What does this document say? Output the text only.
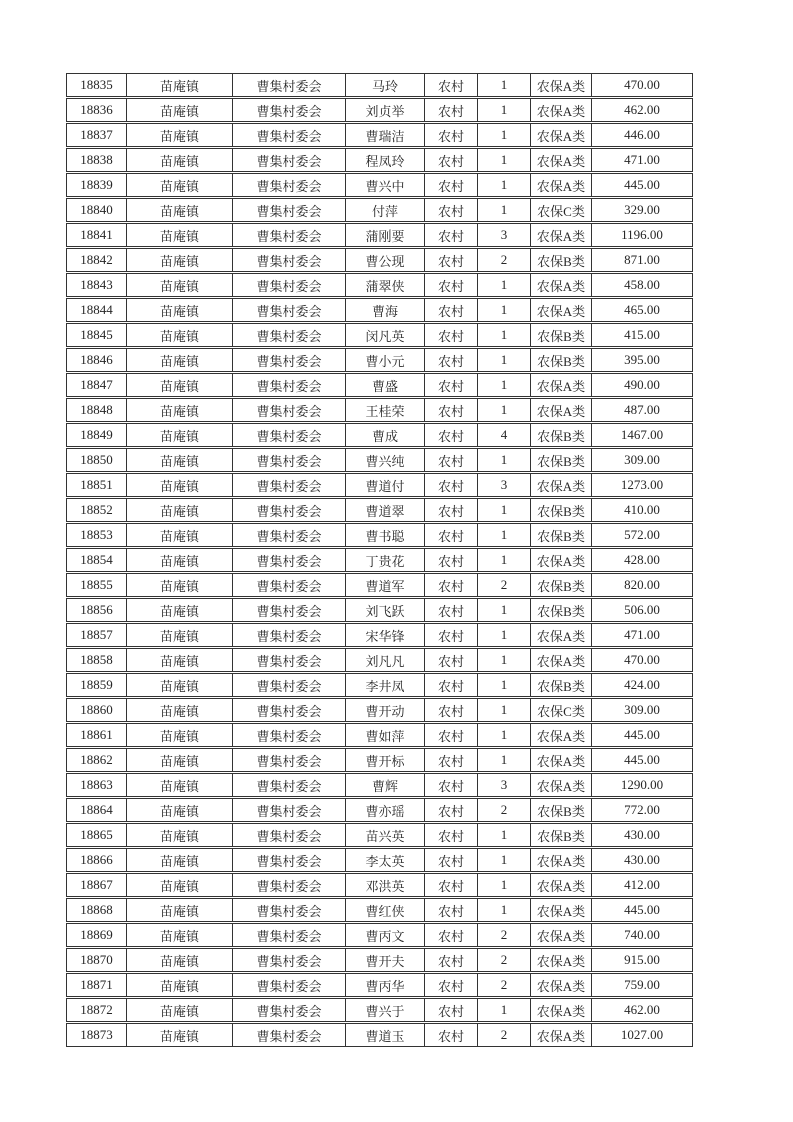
18835	苗庵镇	曹集村委会	马玲	农村	1	农保A类	470.00
18836	苗庵镇	曹集村委会	刘贞举	农村	1	农保A类	462.00
18837	苗庵镇	曹集村委会	曹瑞洁	农村	1	农保A类	446.00
18838	苗庵镇	曹集村委会	程凤玲	农村	1	农保A类	471.00
18839	苗庵镇	曹集村委会	曹兴中	农村	1	农保A类	445.00
18840	苗庵镇	曹集村委会	付萍	农村	1	农保C类	329.00
18841	苗庵镇	曹集村委会	蒲刚要	农村	3	农保A类	1196.00
18842	苗庵镇	曹集村委会	曹公现	农村	2	农保B类	871.00
18843	苗庵镇	曹集村委会	蒲翠侠	农村	1	农保A类	458.00
18844	苗庵镇	曹集村委会	曹海	农村	1	农保A类	465.00
18845	苗庵镇	曹集村委会	闵凡英	农村	1	农保B类	415.00
18846	苗庵镇	曹集村委会	曹小元	农村	1	农保B类	395.00
18847	苗庵镇	曹集村委会	曹盛	农村	1	农保A类	490.00
18848	苗庵镇	曹集村委会	王桂荣	农村	1	农保A类	487.00
18849	苗庵镇	曹集村委会	曹成	农村	4	农保B类	1467.00
18850	苗庵镇	曹集村委会	曹兴纯	农村	1	农保B类	309.00
18851	苗庵镇	曹集村委会	曹道付	农村	3	农保A类	1273.00
18852	苗庵镇	曹集村委会	曹道翠	农村	1	农保B类	410.00
18853	苗庵镇	曹集村委会	曹书聪	农村	1	农保B类	572.00
18854	苗庵镇	曹集村委会	丁贵花	农村	1	农保A类	428.00
18855	苗庵镇	曹集村委会	曹道军	农村	2	农保B类	820.00
18856	苗庵镇	曹集村委会	刘飞跃	农村	1	农保B类	506.00
18857	苗庵镇	曹集村委会	宋华锋	农村	1	农保A类	471.00
18858	苗庵镇	曹集村委会	刘凡凡	农村	1	农保A类	470.00
18859	苗庵镇	曹集村委会	李井凤	农村	1	农保B类	424.00
18860	苗庵镇	曹集村委会	曹开动	农村	1	农保C类	309.00
18861	苗庵镇	曹集村委会	曹如萍	农村	1	农保A类	445.00
18862	苗庵镇	曹集村委会	曹开标	农村	1	农保A类	445.00
18863	苗庵镇	曹集村委会	曹辉	农村	3	农保A类	1290.00
18864	苗庵镇	曹集村委会	曹亦瑶	农村	2	农保B类	772.00
18865	苗庵镇	曹集村委会	苗兴英	农村	1	农保B类	430.00
18866	苗庵镇	曹集村委会	李太英	农村	1	农保A类	430.00
18867	苗庵镇	曹集村委会	邓洪英	农村	1	农保A类	412.00
18868	苗庵镇	曹集村委会	曹红侠	农村	1	农保A类	445.00
18869	苗庵镇	曹集村委会	曹丙文	农村	2	农保A类	740.00
18870	苗庵镇	曹集村委会	曹开夫	农村	2	农保A类	915.00
18871	苗庵镇	曹集村委会	曹丙华	农村	2	农保A类	759.00
18872	苗庵镇	曹集村委会	曹兴于	农村	1	农保A类	462.00
18873	苗庵镇	曹集村委会	曹道玉	农村	2	农保A类	1027.00
